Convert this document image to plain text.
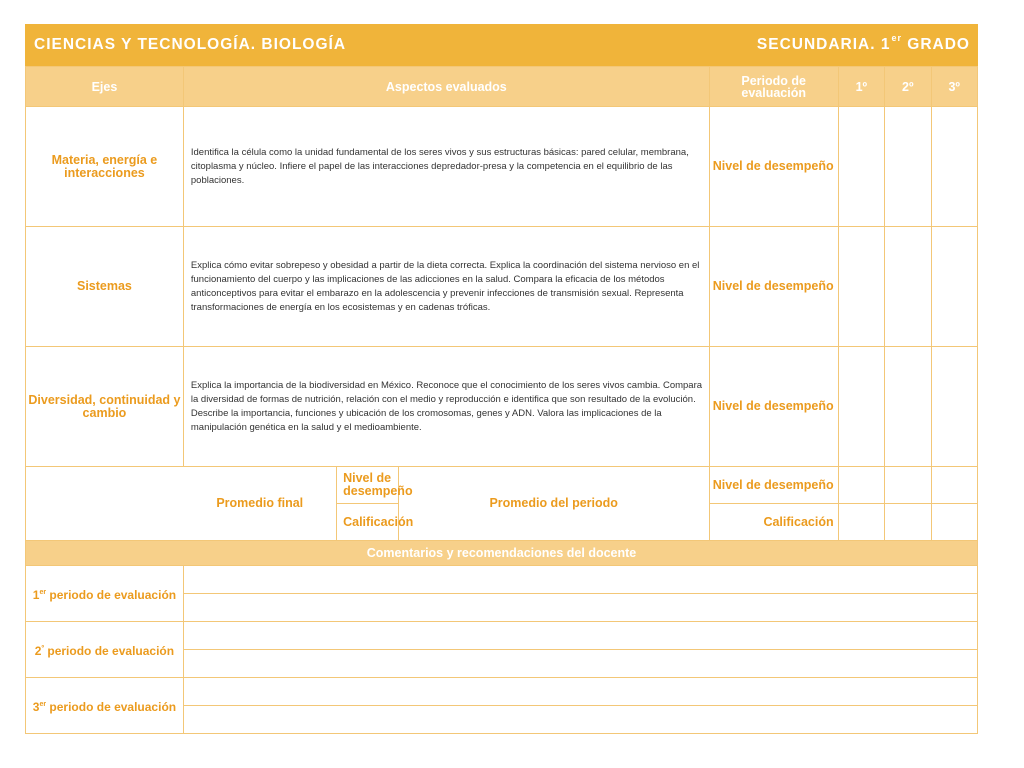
CIENCIAS Y TECNOLOGÍA. BIOLOGÍA	SECUNDARIA. 1er GRADO
Ejes	Aspectos evaluados			Periodo de evaluación	1º	2º	3º
Materia, energía e interacciones	Identifica la célula como la unidad fundamental de los seres vivos y sus estructuras básicas: pared celular, membrana, citoplasma y núcleo. Infiere el papel de las interacciones depredador-presa y la competencia en el equilibrio de las poblaciones.			Nivel de desempeño			
Sistemas	Explica cómo evitar sobrepeso y obesidad a partir de la dieta correcta. Explica la coordinación del sistema nervioso en el funcionamiento del cuerpo y las implicaciones de las adicciones en la salud. Compara la eficacia de los métodos anticonceptivos para evitar el embarazo en la adolescencia y prevenir infecciones de transmisión sexual. Representa transformaciones de energía en los ecosistemas y en cadenas tróficas.			Nivel de desempeño			
Diversidad, continuidad y cambio	Explica la importancia de la biodiversidad en México. Reconoce que el conocimiento de los seres vivos cambia. Compara la diversidad de formas de nutrición, relación con el medio y reproducción e identifica que son resultado de la evolución. Describe la importancia, funciones y ubicación de los cromosomas, genes y ADN. Valora las implicaciones de la manipulación genética en la salud y el medioambiente.			Nivel de desempeño			
	Promedio final	Nivel de desempeño	Promedio del periodo	Nivel de desempeño			
		Calificación		Calificación			
Comentarios y recomendaciones del docente							
1er periodo de evaluación							

$2^º$ periodo de evaluación							

3er periodo de evaluación							
